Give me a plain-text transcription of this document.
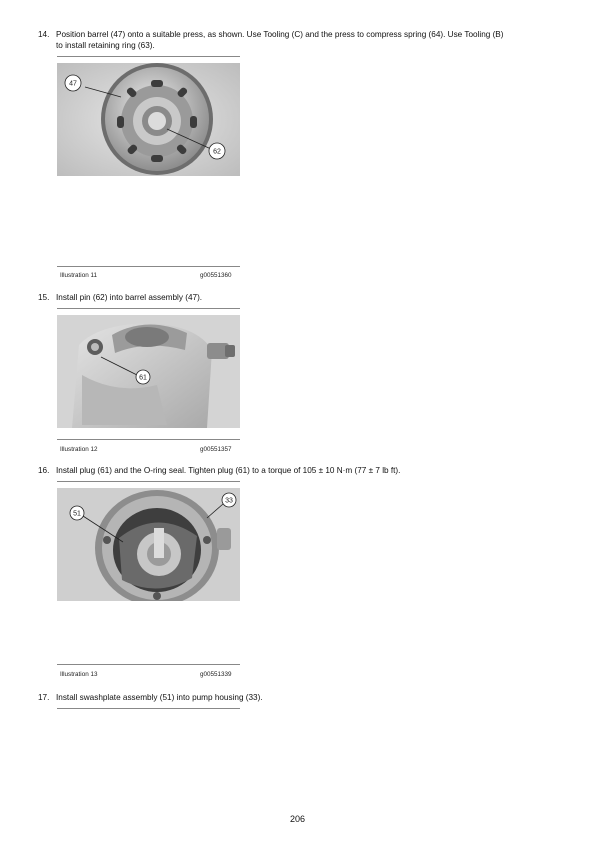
14. Position barrel (47) onto a suitable press, as shown. Use Tooling (C) and the press to compress spring (64). Use Tooling (B)
to install retaining ring (63).
47
62
Illustration 11	g00551360
15. Install pin (62) into barrel assembly (47).
61
Illustration 12	g00551357
16. Install plug (61) and the O-ring seal. Tighten plug (61) to a torque of 105 ± 10 N·m (77 ± 7 lb ft).
51
33
Illustration 13	g00551339
17. Install swashplate assembly (51) into pump housing (33).
206
